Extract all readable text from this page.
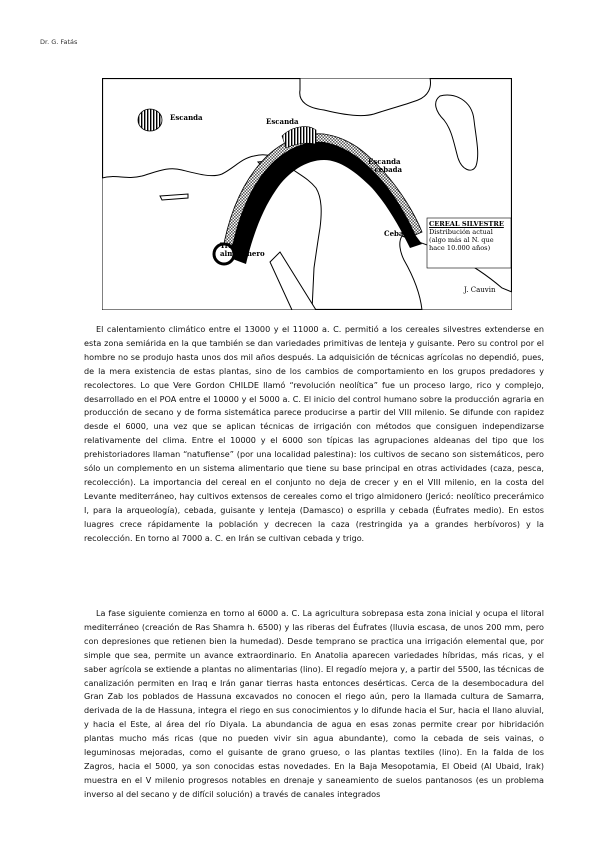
Dr. G. Fatás
Escanda	Escanda
Escanda
y cebada
Cebada
Trigo
almidonero
CEREAL SILVESTRE
Distribución actual
(algo más al N. que
hace 10.000 años)
J. Cauvin

El calentamiento climático entre el 13000 y el 11000 a. C. permitió a los cereales silvestres extenderse en esta zona semiárida en la que también se dan variedades primitivas de lenteja y guisante. Pero su control por el hombre no se produjo hasta unos dos mil años después. La adquisición de técnicas agrícolas no dependió, pues, de la mera existencia de estas plantas, sino de los cambios de comportamiento en los grupos predadores y recolectores. Lo que Vere Gordon CHILDE llamó “revolución neolítica” fue un proceso largo, rico y complejo, desarrollado en el POA entre el 10000 y el 5000 a. C. El inicio del control humano sobre la producción agraria en producción de secano y de forma sistemática parece producirse a partir del VIII milenio. Se difunde con rapidez desde el 6000, una vez que se aplican técnicas de irrigación con métodos que consiguen independizarse relativamente del clima. Entre el 10000 y el 6000 son típicas las agrupaciones aldeanas del tipo que los prehistoriadores llaman “natufiense” (por una localidad palestina): los cultivos de secano son sistemáticos, pero sólo un complemento en un sistema alimentario que tiene su base principal en otras actividades (caza, pesca, recolección). La importancia del cereal en el conjunto no deja de crecer y en el VIII milenio, en la costa del Levante mediterráneo, hay cultivos extensos de cereales como el trigo almidonero (Jericó: neolítico precerámico I, para la arqueología), cebada, guisante y lenteja (Damasco) o esprilla y cebada (Éufrates medio). En estos luagres crece rápidamente la población y decrecen la caza (restringida ya a grandes herbívoros) y la recolección. En torno al 7000 a. C. en Irán se cultivan cebada y trigo.

La fase siguiente comienza en torno al 6000 a. C. La agricultura sobrepasa esta zona inicial y ocupa el litoral mediterráneo (creación de Ras Shamra h. 6500) y las riberas del Éufrates (lluvia escasa, de unos 200 mm, pero con depresiones que retienen bien la humedad). Desde temprano se practica una irrigación elemental que, por simple que sea, permite un avance extraordinario. En Anatolia aparecen variedades híbridas, más ricas, y el saber agrícola se extiende a plantas no alimentarias (lino). El regadío mejora y, a partir del 5500, las técnicas de canalización permiten en Iraq e Irán ganar tierras hasta entonces desérticas. Cerca de la desembocadura del Gran Zab los poblados de Hassuna excavados no conocen el riego aún, pero la llamada cultura de Samarra, derivada de la de Hassuna, integra el riego en sus conocimientos y lo difunde hacia el Sur, hacia el llano aluvial, y hacia el Este, al área del río Diyala. La abundancia de agua en esas zonas permite crear por hibridación plantas mucho más ricas (que no pueden vivir sin agua abundante), como la cebada de seis vainas, o leguminosas mejoradas, como el guisante de grano grueso, o las plantas textiles (lino). En la falda de los Zagros, hacia el 5000, ya son conocidas estas novedades. En la Baja Mesopotamia, El Obeid (Al Ubaid, Irak) muestra en el V milenio progresos notables en drenaje y saneamiento de suelos pantanosos (es un problema inverso al del secano y de difícil solución) a través de canales integrados
